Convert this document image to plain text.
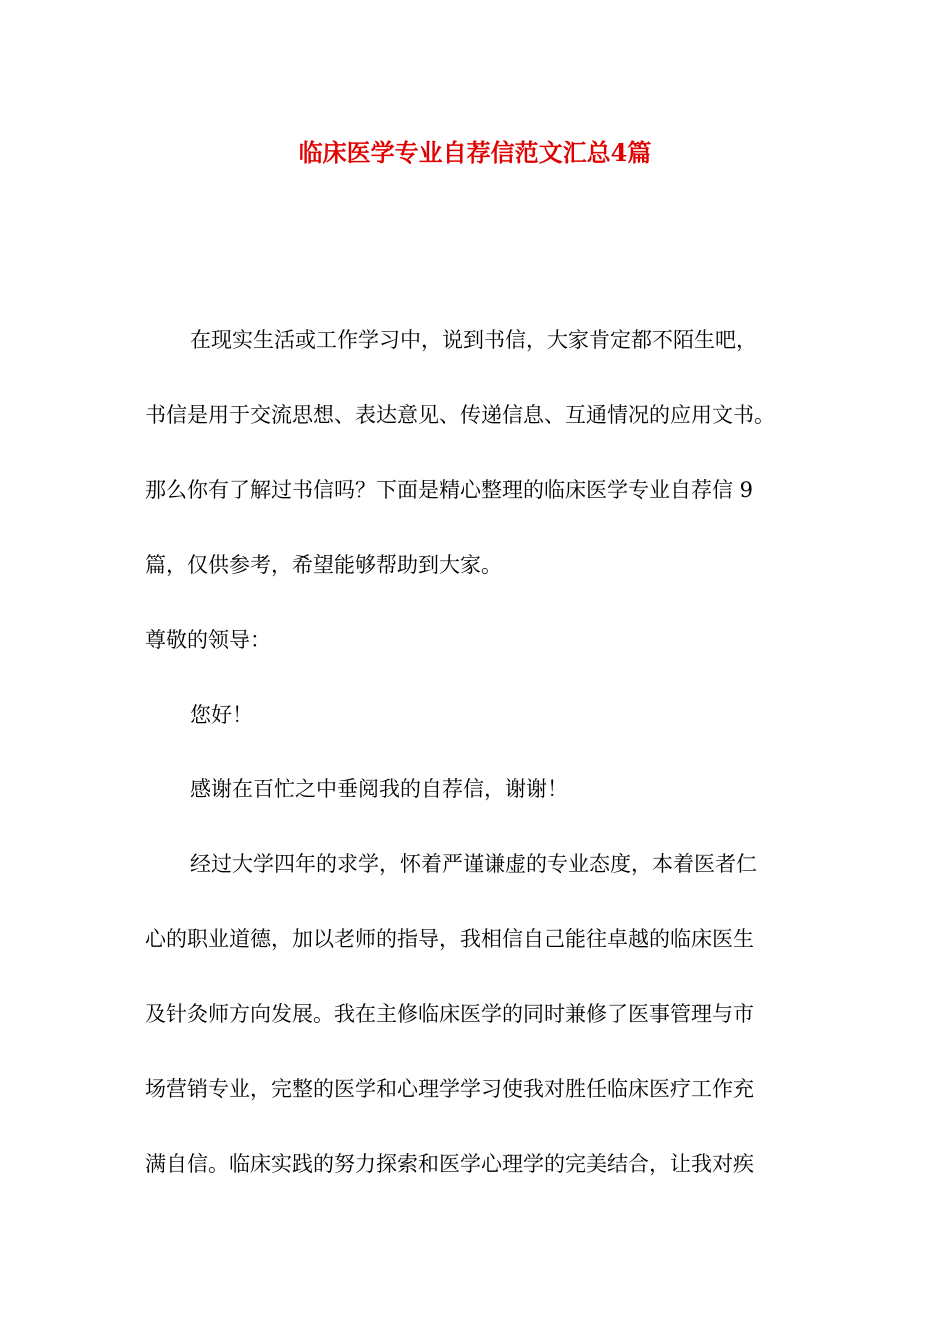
临床医学专业自荐信范文汇总4篇
在现实生活或工作学习中，说到书信，大家肯定都不陌生吧，
书信是用于交流思想、表达意见、传递信息、互通情况的应用文书。
那么你有了解过书信吗？下面是精心整理的临床医学专业自荐信 9
篇，仅供参考，希望能够帮助到大家。
尊敬的领导：
您好！
感谢在百忙之中垂阅我的自荐信，谢谢！
经过大学四年的求学，怀着严谨谦虚的专业态度，本着医者仁
心的职业道德，加以老师的指导，我相信自己能往卓越的临床医生
及针灸师方向发展。我在主修临床医学的同时兼修了医事管理与市
场营销专业，完整的医学和心理学学习使我对胜任临床医疗工作充
满自信。临床实践的努力探索和医学心理学的完美结合，让我对疾
